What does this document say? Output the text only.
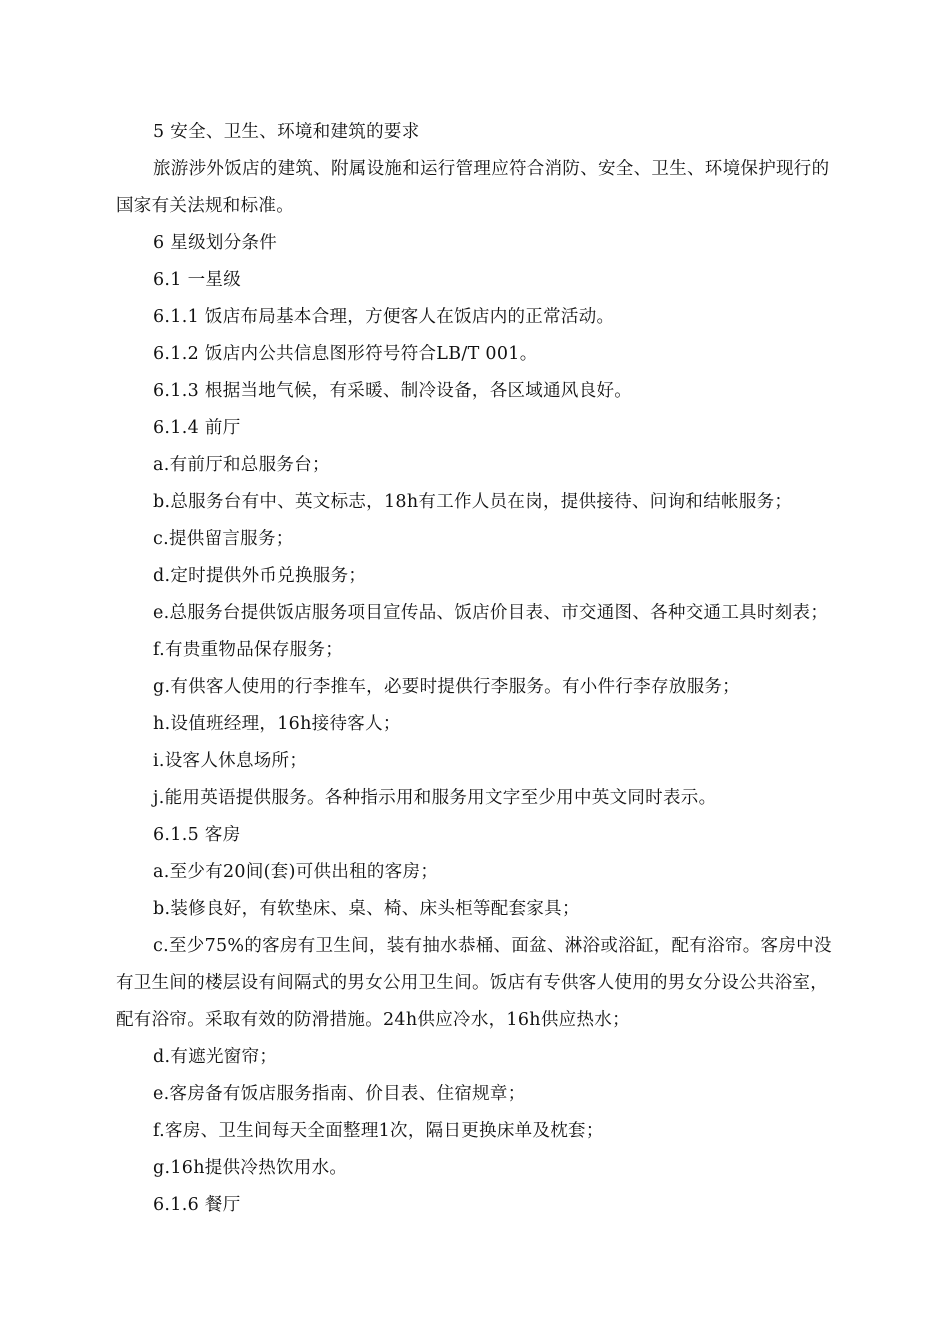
5 安全、卫生、环境和建筑的要求

旅游涉外饭店的建筑、附属设施和运行管理应符合消防、安全、卫生、环境保护现行的国家有关法规和标准。

6 星级划分条件
6.1 一星级
6.1.1 饭店布局基本合理，方便客人在饭店内的正常活动。
6.1.2 饭店内公共信息图形符号符合LB/T 001。
6.1.3 根据当地气候，有采暖、制冷设备，各区域通风良好。
6.1.4 前厅
a.有前厅和总服务台；
b.总服务台有中、英文标志，18h有工作人员在岗，提供接待、问询和结帐服务；
c.提供留言服务；
d.定时提供外币兑换服务；

e.总服务台提供饭店服务项目宣传品、饭店价目表、市交通图、各种交通工具时刻表；

f.有贵重物品保存服务；
g.有供客人使用的行李推车，必要时提供行李服务。有小件行李存放服务；
h.设值班经理，16h接待客人；
i.设客人休息场所；
j.能用英语提供服务。各种指示用和服务用文字至少用中英文同时表示。
6.1.5 客房
a.至少有20间(套)可供出租的客房；
b.装修良好，有软垫床、桌、椅、床头柜等配套家具；

c.至少75%的客房有卫生间，装有抽水恭桶、面盆、淋浴或浴缸，配有浴帘。客房中没有卫生间的楼层设有间隔式的男女公用卫生间。饭店有专供客人使用的男女分设公共浴室，配有浴帘。采取有效的防滑措施。24h供应冷水，16h供应热水；

d.有遮光窗帘；
e.客房备有饭店服务指南、价目表、住宿规章；
f.客房、卫生间每天全面整理1次，隔日更换床单及枕套；
g.16h提供冷热饮用水。
6.1.6 餐厅
